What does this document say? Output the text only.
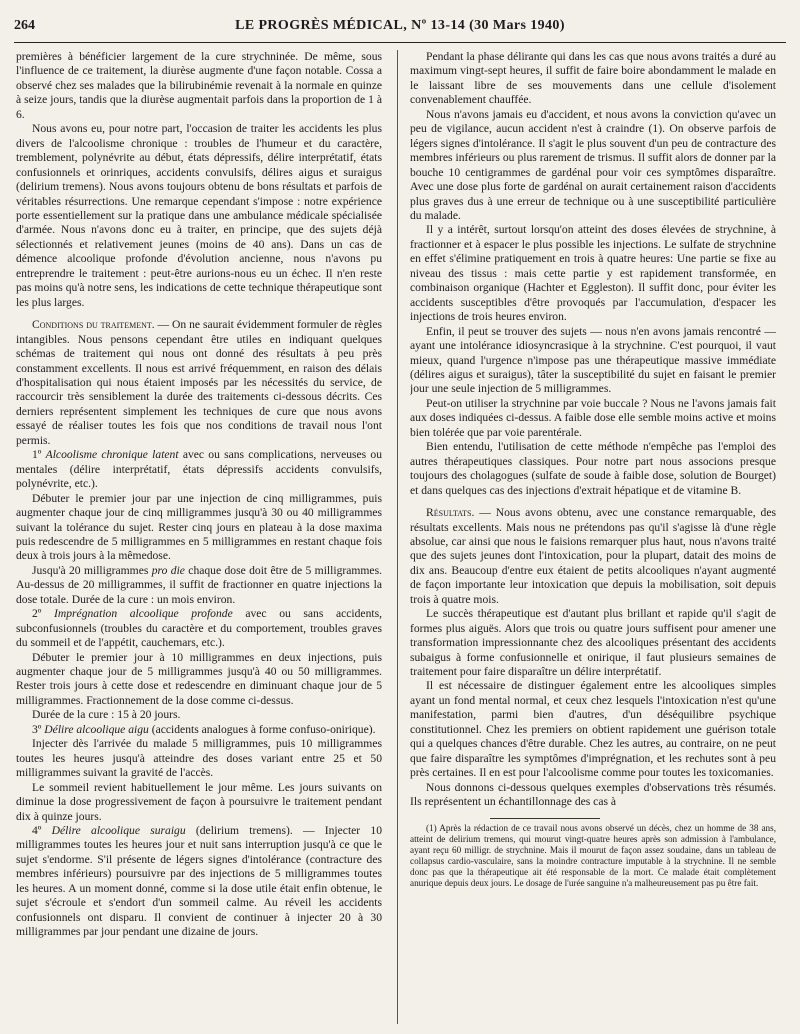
264	LE PROGRÈS MÉDICAL, Nº 13-14 (30 Mars 1940)

premières à bénéficier largement de la cure strychninée. De même, sous l'influence de ce traitement, la diurèse augmente d'une façon notable. Cossa a observé chez ses malades que la bilirubinémie revenait à la normale en quinze à seize jours, tandis que la diurèse augmentait parfois dans la proportion de 1 à 6.

Nous avons eu, pour notre part, l'occasion de traiter les accidents les plus divers de l'alcoolisme chronique : troubles de l'humeur et du caractère, tremblement, polynévrite au début, états dépressifs, délire interprétatif, états confusionnels et orinriques, accidents convulsifs, délires aigus et suraigus (delirium tremens). Nous avons toujours obtenu de bons résultats et parfois de véritables résurrections. Une remarque cependant s'impose : notre expérience porte essentiellement sur la pratique dans une ambulance médicale spécialisée d'armée. Nous n'avons donc eu à traiter, en principe, que des sujets déjà sélectionnés et relativement jeunes (moins de 40 ans). Dans un cas de démence alcoolique profonde d'évolution ancienne, nous n'avons pu entreprendre le traitement : peut-être aurions-nous eu un échec. Il n'en reste pas moins qu'à notre sens, les indications de cette technique thérapeutique sont les plus larges.

Conditions du traitement. — On ne saurait évidemment formuler de règles intangibles. Nous pensons cependant être utiles en indiquant quelques schémas de traitement qui nous ont donné des résultats à peu près constamment excellents. Il nous est arrivé fréquemment, en raison des délais d'hospitalisation qui nous étaient imposés par les nécessités du service, de raccourcir très sensiblement la durée des traitements ci-dessous décrits. Ces derniers représentent simplement les techniques de cure que nous avons essayé de réaliser toutes les fois que nos conditions de travail nous l'ont permis.

1º Alcoolisme chronique latent avec ou sans complications, nerveuses ou mentales (délire interprétatif, états dépressifs accidents convulsifs, polynévrite, etc.).

Débuter le premier jour par une injection de cinq milligrammes, puis augmenter chaque jour de cinq milligrammes jusqu'à 30 ou 40 milligrammes suivant la tolérance du sujet. Rester cinq jours en plateau à la dose maxima puis redescendre de 5 milligrammes en 5 milligrammes en restant chaque fois deux à trois jours à la mêmedose.

Jusqu'à 20 milligrammes pro die chaque dose doit être de 5 milligrammes. Au-dessus de 20 milligrammes, il suffit de fractionner en quatre injections la dose totale. Durée de la cure : un mois environ.

2º Imprégnation alcoolique profonde avec ou sans accidents, subconfusionnels (troubles du caractère et du comportement, troubles graves du sommeil et de l'appétit, cauchemars, etc.).

Débuter le premier jour à 10 milligrammes en deux injections, puis augmenter chaque jour de 5 milligrammes jusqu'à 40 ou 50 milligrammes. Rester trois jours à cette dose et redescendre en diminuant chaque jour de 5 milligrammes. Fractionnement de la dose comme ci-dessus.

Durée de la cure : 15 à 20 jours.

3º Délire alcoolique aigu (accidents analogues à forme confuso-onirique).

Injecter dès l'arrivée du malade 5 milligrammes, puis 10 milligrammes toutes les heures jusqu'à atteindre des doses variant entre 25 et 50 milligrammes suivant la gravité de l'accès.

Le sommeil revient habituellement le jour même. Les jours suivants on diminue la dose progressivement de façon à poursuivre le traitement pendant dix à quinze jours.

4º Délire alcoolique suraigu (delirium tremens). — Injecter 10 milligrammes toutes les heures jour et nuit sans interruption jusqu'à ce que le sujet s'endorme. S'il présente de légers signes d'intolérance (contracture des membres inférieurs) poursuivre par des injections de 5 milligrammes toutes les heures. A un moment donné, comme si la dose utile était enfin obtenue, le sujet s'écroule et s'endort d'un sommeil calme. Au réveil les accidents confusionnels ont disparu. Il convient de continuer à injecter 20 à 30 milligrammes par jour pendant une dizaine de jours.

Pendant la phase délirante qui dans les cas que nous avons traités a duré au maximum vingt-sept heures, il suffit de faire boire abondamment le malade en le laissant libre de ses mouvements dans une cellule d'isolement convenablement chauffée.

Nous n'avons jamais eu d'accident, et nous avons la conviction qu'avec un peu de vigilance, aucun accident n'est à craindre (1). On observe parfois de légers signes d'intolérance. Il s'agit le plus souvent d'un peu de contracture des membres inférieurs ou plus rarement de trismus. Il suffit alors de donner par la bouche 10 centigrammes de gardénal pour voir ces symptômes disparaître. Avec une dose plus forte de gardénal on aurait certainement raison d'accidents plus graves dus à une erreur de technique ou à une susceptibilité particulière du malade.

Il y a intérêt, surtout lorsqu'on atteint des doses élevées de strychnine, à fractionner et à espacer le plus possible les injections. Le sulfate de strychnine en effet s'élimine pratiquement en trois à quatre heures: Une partie se fixe au niveau des tissus : mais cette partie y est rapidement transformée, en combinaison organique (Hachter et Eggleston). Il suffit donc, pour éviter les accidents susceptibles d'être provoqués par l'accumulation, d'espacer les injections de trois heures environ.

Enfin, il peut se trouver des sujets — nous n'en avons jamais rencontré — ayant une intolérance idiosyncrasique à la strychnine. C'est pourquoi, il vaut mieux, quand l'urgence n'impose pas une thérapeutique massive immédiate (délires aigus et suraigus), tâter la susceptibilité du sujet en faisant le premier jour une seule injection de 5 milligrammes.

Peut-on utiliser la strychnine par voie buccale ? Nous ne l'avons jamais fait aux doses indiquées ci-dessus. A faible dose elle semble moins active et moins bien tolérée que par voie parentérale.

Bien entendu, l'utilisation de cette méthode n'empêche pas l'emploi des autres thérapeutiques classiques. Pour notre part nous associons presque toujours des cholagogues (sulfate de soude à faible dose, solution de Bourget) et dans quelques cas des injections d'extrait hépatique et de vitamine B.

Résultats. — Nous avons obtenu, avec une constance remarquable, des résultats excellents. Mais nous ne prétendons pas qu'il s'agisse là d'une règle absolue, car ainsi que nous le faisions remarquer plus haut, nous n'avons traité que des sujets jeunes dont l'intoxication, pour la plupart, datait des moins de dix ans. Beaucoup d'entre eux étaient de petits alcooliques n'ayant augmenté de façon importante leur intoxication que depuis la mobilisation, soit depuis trois à quatre mois.

Le succès thérapeutique est d'autant plus brillant et rapide qu'il s'agit de formes plus aiguës. Alors que trois ou quatre jours suffisent pour amener une transformation impressionnante chez des alcooliques présentant des accidents subaigus à forme confusionnelle et onirique, il faut plusieurs semaines de traitement pour faire disparaître un délire interprétatif.

Il est nécessaire de distinguer également entre les alcooliques simples ayant un fond mental normal, et ceux chez lesquels l'intoxication n'est qu'une manifestation, parmi bien d'autres, d'un déséquilibre psychique constitutionnel. Chez les premiers on obtient rapidement une guérison totale qui a quelques chances d'être durable. Chez les autres, au contraire, on ne peut que faire disparaître les symptômes d'imprégnation, et les rechutes sont à peu près certaines. Il en est pour l'alcoolisme comme pour toutes les toxicomanies.

Nous donnons ci-dessous quelques exemples d'observations très résumés. Ils représentent un échantillonnage des cas à

(1) Après la rédaction de ce travail nous avons observé un décès, chez un homme de 38 ans, atteint de delirium tremens, qui mourut vingt-quatre heures après son admission à l'ambulance, ayant reçu 60 milligr. de strychnine. Mais il mourut de façon assez soudaine, dans un tableau de collapsus cardio-vasculaire, sans la moindre contracture imputable à la strychnine. Il ne semble donc pas que la thérapeutique ait été responsable de la mort. Ce malade était complètement anurique depuis deux jours. Le dosage de l'urée sanguine n'a malheureusement pas pu être fait.
